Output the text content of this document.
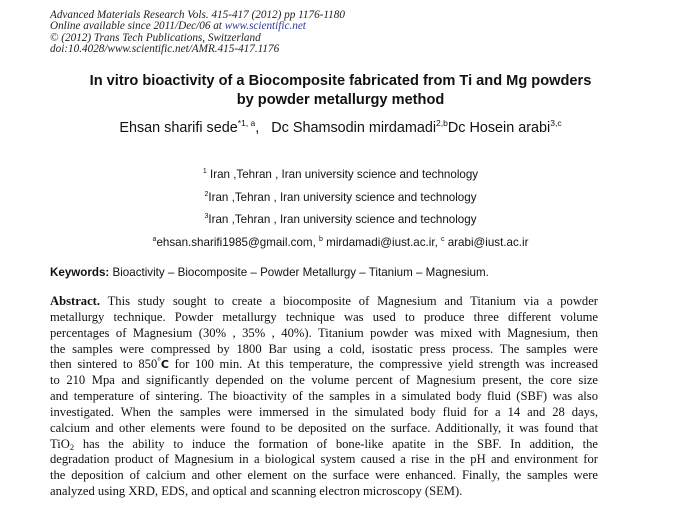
Advanced Materials Research Vols. 415-417 (2012) pp 1176-1180
Online available since 2011/Dec/06 at www.scientific.net
© (2012) Trans Tech Publications, Switzerland
doi:10.4028/www.scientific.net/AMR.415-417.1176
In vitro bioactivity of a Biocomposite fabricated from Ti and Mg powders
by powder metallurgy method
Ehsan sharifi sede$^{*1, a}$,   Dc Shamsodin mirdamadi$^{2,b}$Dc Hosein arabi$^{3,c}$
$^1$ Iran ,Tehran , Iran university science and technology
$^2$Iran ,Tehran , Iran university science and technology
$^3$Iran ,Tehran , Iran university science and technology
$^a$ehsan.sharifi1985@gmail.com, $^b$ mirdamadi@iust.ac.ir, $^c$ arabi@iust.ac.ir
Keywords: Bioactivity – Biocomposite – Powder Metallurgy – Titanium – Magnesium.
Abstract. This study sought to create a biocomposite of Magnesium and Titanium via a powder
metallurgy technique. Powder metallurgy technique was used to produce three different volume
percentages of Magnesium (30% , 35% , 40%). Titanium powder was mixed with Magnesium, then
the samples were compressed by 1800 Bar using a cold, isostatic press process. The samples were
then sintered to 850°C for 100 min. At this temperature, the compressive yield strength was increased
to 210 Mpa and significantly depended on the volume percent of Magnesium present, the core size
and temperature of sintering. The bioactivity of the samples in a simulated body fluid (SBF) was also
investigated. When the samples were immersed in the simulated body fluid for a 14 and 28 days,
calcium and other elements were found to be deposited on the surface. Additionally, it was found that
TiO$_2$ has the ability to induce the formation of bone-like apatite in the SBF. In addition, the
degradation product of Magnesium in a biological system caused a rise in the pH and environment for
the deposition of calcium and other element on the surface were enhanced. Finally, the samples were
analyzed using XRD, EDS, and optical and scanning electron microscopy (SEM).
